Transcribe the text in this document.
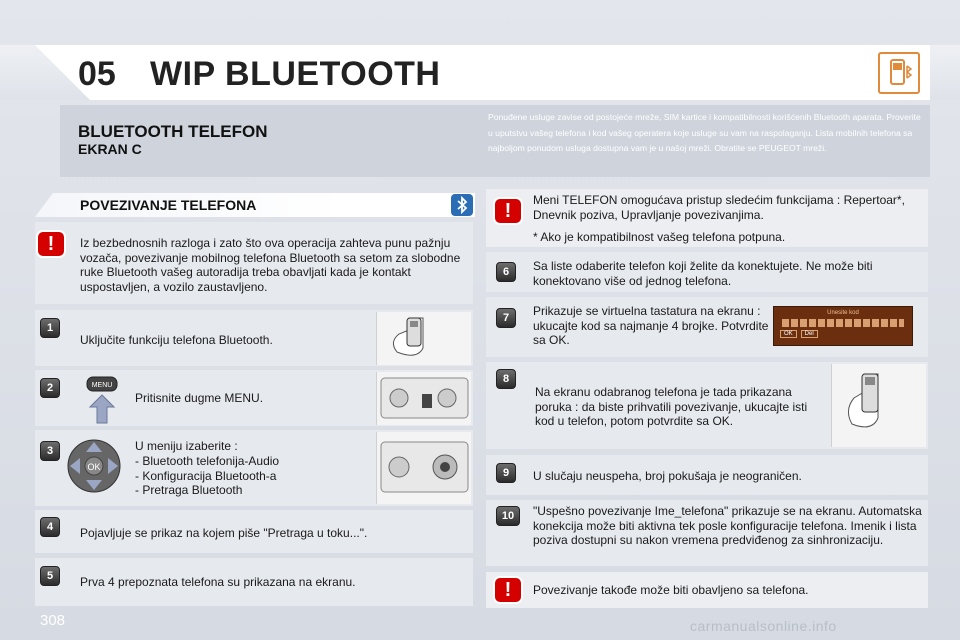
05 WIP BLUETOOTH
BLUETOOTH TELEFON
EKRAN C
Ponuđene usluge zavise od postojeće mreže, SIM kartice i kompatibilnosti korišćenih Bluetooth aparata. Proverite u uputstvu vašeg telefona i kod vašeg operatera koje usluge su vam na raspolaganju. Lista mobilnih telefona sa najboljom ponudom usluga dostupna vam je u našoj mreži. Obratite se PEUGEOT mreži.
POVEZIVANJE TELEFONA
!	Iz bezbednosnih razloga i zato što ova operacija zahteva punu pažnju vozača, povezivanje mobilnog telefona Bluetooth sa setom za slobodne ruke Bluetooth vašeg autoradija treba obavljati kada je kontakt uspostavljen, a vozilo zaustavljeno.
1
Uključite funkciju telefona Bluetooth.
2	MENU
Pritisnite dugme MENU.
3
OK
U meniju izaberite :
- Bluetooth telefonija-Audio
- Konfiguracija Bluetooth-a
- Pretraga Bluetooth
4	Pojavljuje se prikaz na kojem piše "Pretraga u toku...".
5	Prva 4 prepoznata telefona su prikazana na ekranu.
!	Meni TELEFON omogućava pristup sledećim funkcijama : Repertoar*, Dnevnik poziva, Upravljanje povezivanjima.
* Ako je kompatibilnost vašeg telefona potpuna.
6	Sa liste odaberite telefon koji želite da konektujete. Ne može biti konektovano više od jednog telefona.
7	Prikazuje se virtuelna tastatura na ekranu : ukucajte kod sa najmanje 4 brojke. Potvrdite sa OK.
Unesite kod
OK	Del
8
Na ekranu odabranog telefona je tada prikazana poruka : da biste prihvatili povezivanje, ukucajte isti kod u telefon, potom potvrdite sa OK.
9	U slučaju neuspeha, broj pokušaja je neograničen.
10	"Uspešno povezivanje Ime_telefona" prikazuje se na ekranu. Automatska konekcija može biti aktivna tek posle konfiguracije telefona. Imenik i lista poziva dostupni su nakon vremena predviđenog za sinhronizaciju.
!	Povezivanje takođe može biti obavljeno sa telefona.
308	carmanualsonline.info
